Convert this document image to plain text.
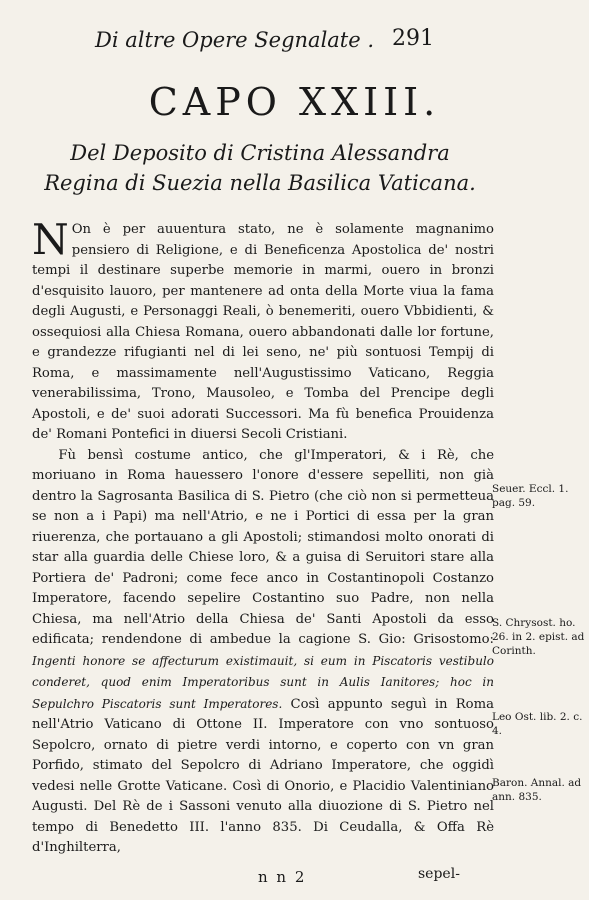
Di altre Opere Segnalate . 291
CAPO XXIII.
Del Deposito di Cristina Alessandra Regina di Suezia nella Basilica Vaticana.

N On è per auuentura stato, ne è solamente magnanimo pensiero di Religione, e di Beneficenza Apostolica de' nostri tempi il destinare superbe memorie in marmi, ouero in bronzi d'esquisito lauoro, per mantenere ad onta della Morte viua la fama degli Augusti, e Personaggi Reali, ò benemeriti, ouero Vbbidienti, & ossequiosi alla Chiesa Romana, ouero abbandonati dalle lor fortune, e grandezze rifugianti nel di lei seno, ne' più sontuosi Tempij di Roma, e massimamente nell'Augustissimo Vaticano, Reggia venerabilissima, Trono, Mausoleo, e Tomba del Prencipe degli Apostoli, e de' suoi adorati Successori. Ma fù benefica Prouidenza de' Romani Pontefici in diuersi Secoli Cristiani.

Fù bensì costume antico, che gl'Imperatori, & i Rè, che moriuano in Roma hauessero l'onore d'essere sepelliti, non già dentro la Sagrosanta Basilica di S. Pietro (che ciò non si permetteua se non a i Papi) ma nell'Atrio, e ne i Portici di essa per la gran riuerenza, che portauano a gli Apostoli; stimandosi molto onorati di star alla guardia delle Chiese loro, & a guisa di Seruitori stare alla Portiera de' Padroni; come fece anco in Costantinopoli Costanzo Imperatore, facendo sepelire Costantino suo Padre, non nella Chiesa, ma nell'Atrio della Chiesa de' Santi Apostoli da esso edificata; rendendone di ambedue la cagione S. Gio: Grisostomo: Ingenti honore se affecturum existimauit, si eum in Piscatoris vestibulo conderet, quod enim Imperatoribus sunt in Aulis Ianitores; hoc in Sepulchro Piscatoris sunt Imperatores. Così appunto seguì in Roma nell'Atrio Vaticano di Ottone II. Imperatore con vno sontuoso Sepolcro, ornato di pietre verdi intorno, e coperto con vn gran Porfido, stimato del Sepolcro di Adriano Imperatore, che oggidì vedesi nelle Grotte Vaticane. Così di Onorio, e Placidio Valentiniano Augusti. Del Rè de i Sassoni venuto alla diuozione di S. Pietro nel tempo di Benedetto III. l'anno 835. Di Ceudalla, & Offa Rè d'Inghilterra,

Seuer. Eccl. 1. pag. 59.
S. Chrysost. ho. 26. in 2. epist. ad Corinth.
Leo Ost. lib. 2. c. 4.
Baron. Annal. ad ann. 835.
n n 2	sepel-
